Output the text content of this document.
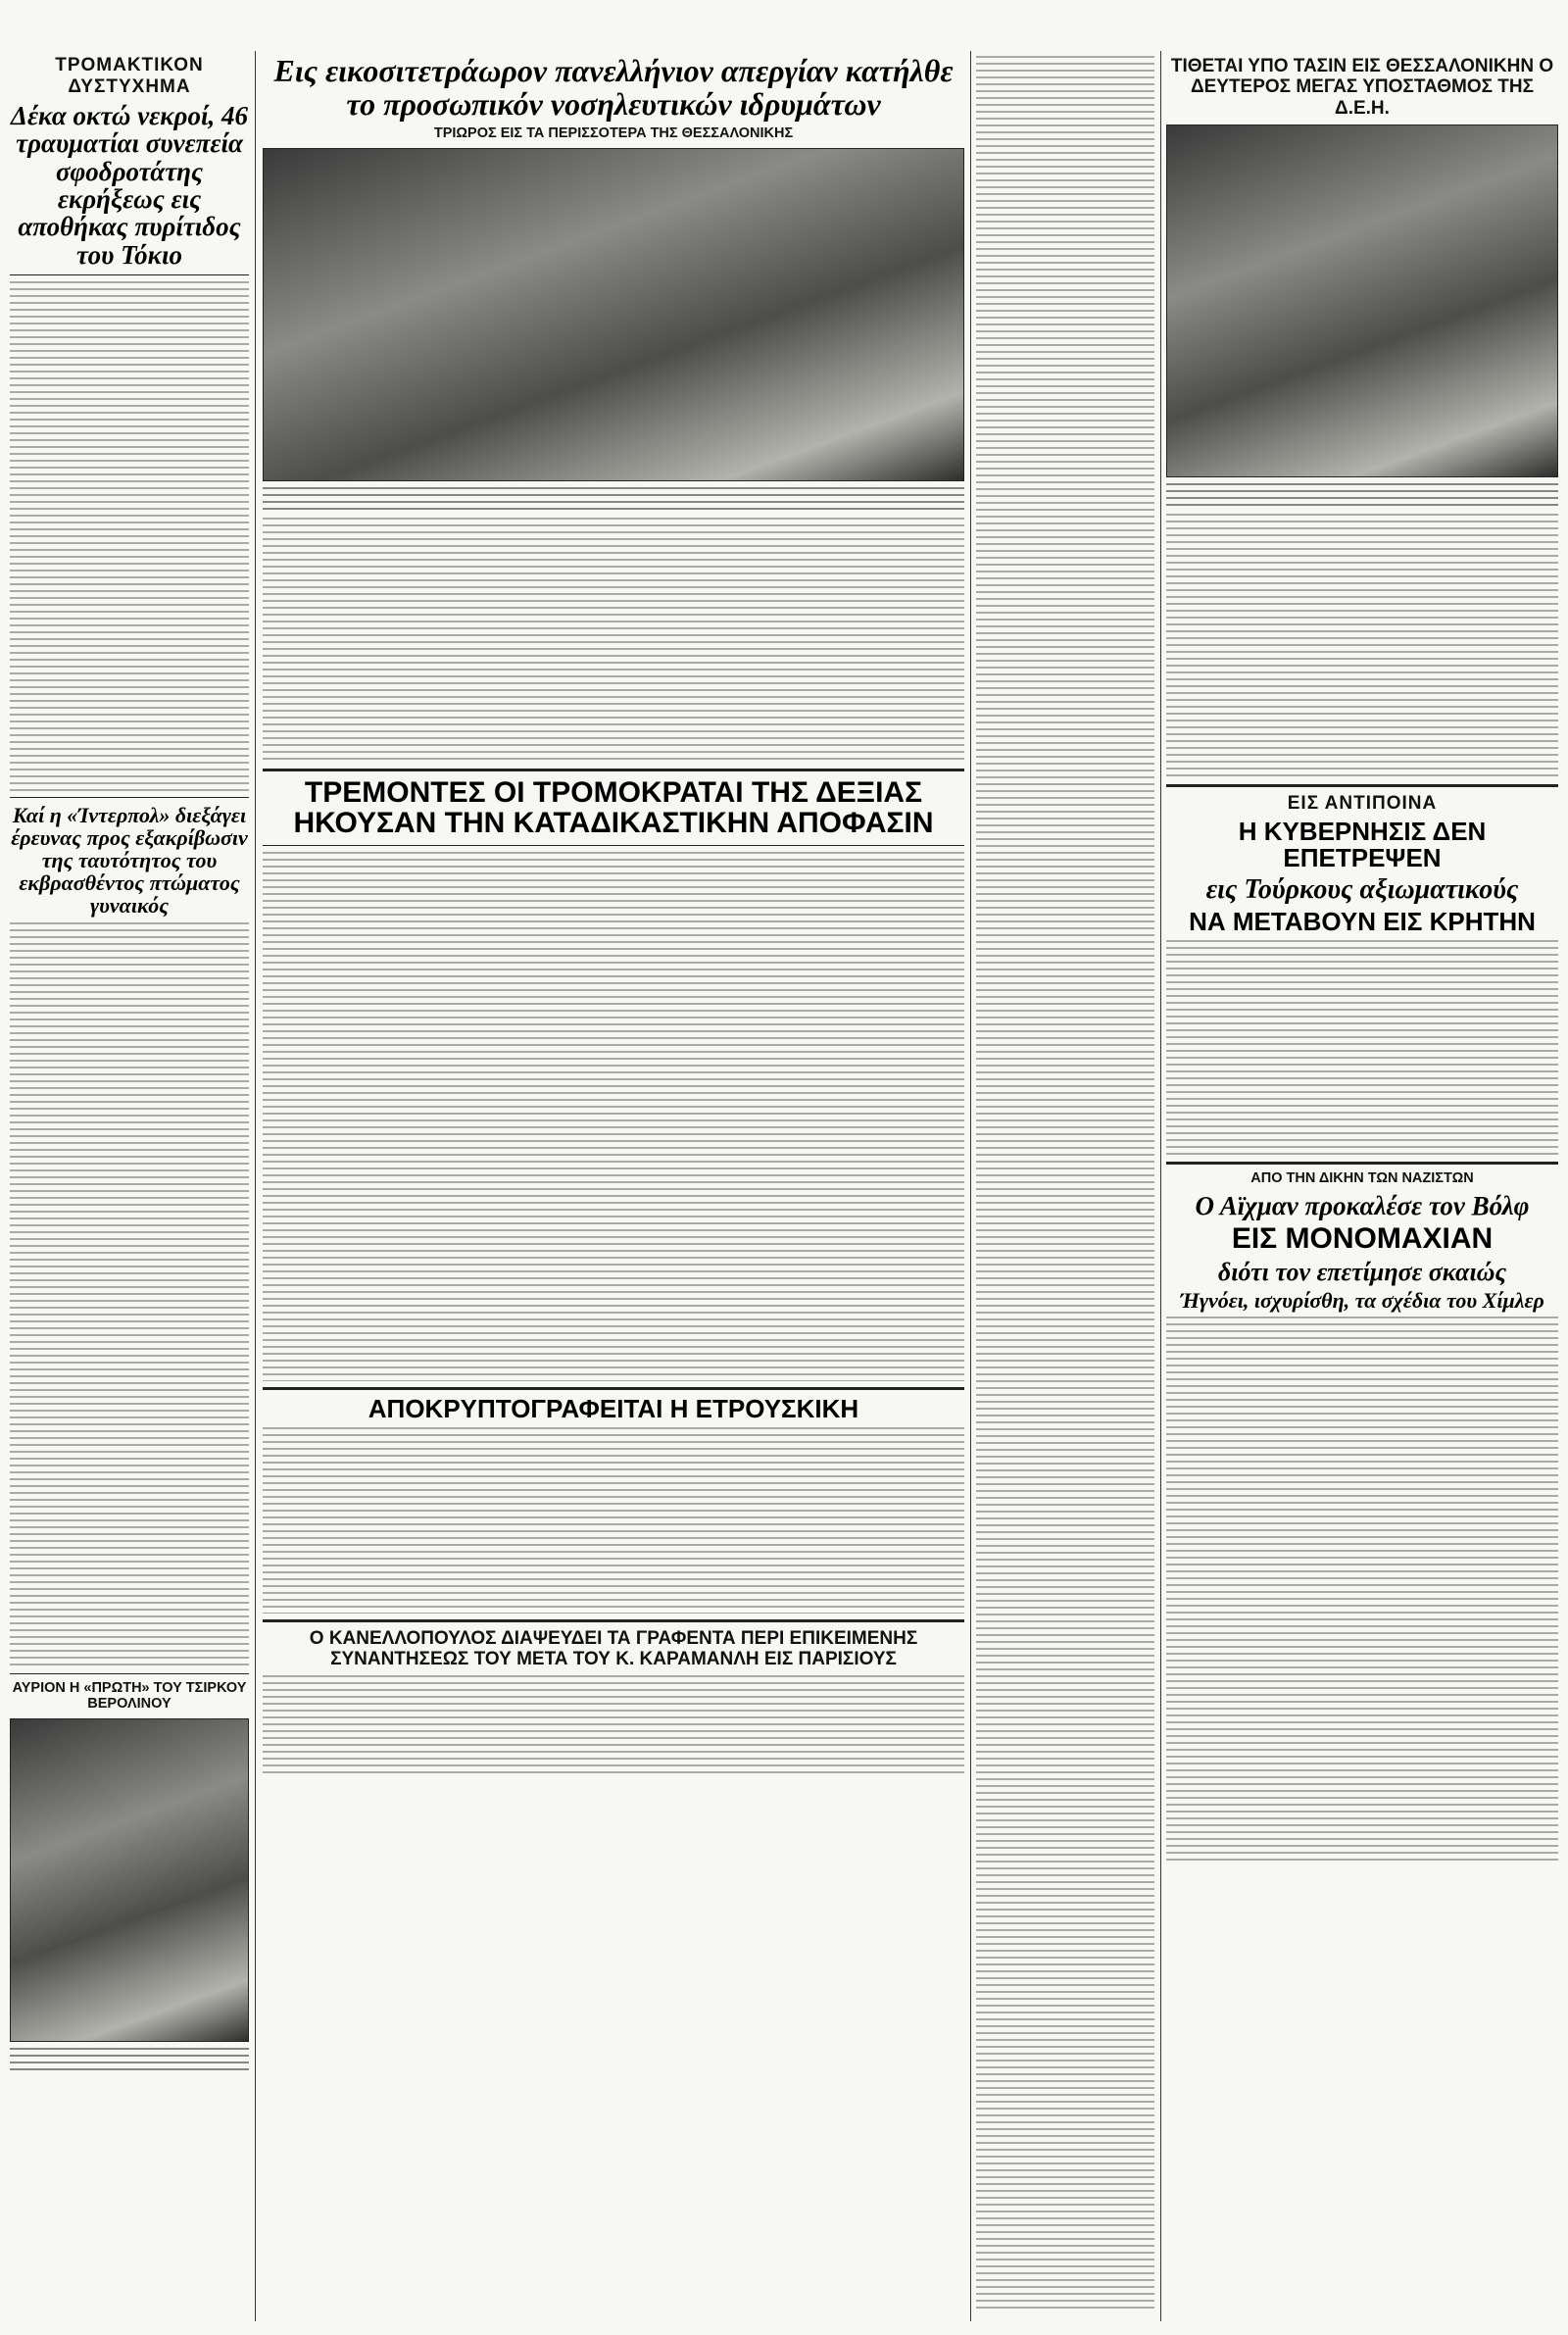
ΤΡΟΜΑΚΤΙΚΟΝ ΔΥΣΤΥΧΗΜΑ
Δέκα οκτώ νεκροί, 46 τραυματίαι συνεπεία σφοδροτάτης εκρήξεως εις αποθήκας πυρίτιδος του Τόκιο
Καί η «Ίντερπολ» διεξάγει έρευνας προς εξακρίβωσιν της ταυτότητος του εκβρασθέντος πτώματος γυναικός
ΑΥΡΙΟΝ Η «ΠΡΩΤΗ» ΤΟΥ ΤΣΙΡΚΟΥ ΒΕΡΟΛΙΝΟΥ
Εις εικοσιτετράωρον πανελλήνιον απεργίαν κατήλθε το προσωπικόν νοσηλευτικών ιδρυμάτων
ΤΡΙΩΡΟΣ ΕΙΣ ΤΑ ΠΕΡΙΣΣΟΤΕΡΑ ΤΗΣ ΘΕΣΣΑΛΟΝΙΚΗΣ
ΤΡΕΜΟΝΤΕΣ ΟΙ ΤΡΟΜΟΚΡΑΤΑΙ ΤΗΣ ΔΕΞΙΑΣ ΗΚΟΥΣΑΝ ΤΗΝ ΚΑΤΑΔΙΚΑΣΤΙΚΗΝ ΑΠΟΦΑΣΙΝ
ΑΠΟΚΡΥΠΤΟΓΡΑΦΕΙΤΑΙ Η ΕΤΡΟΥΣΚΙΚΗ
Ο ΚΑΝΕΛΛΟΠΟΥΛΟΣ ΔΙΑΨΕΥΔΕΙ ΤΑ ΓΡΑΦΕΝΤΑ ΠΕΡΙ ΕΠΙΚΕΙΜΕΝΗΣ ΣΥΝΑΝΤΗΣΕΩΣ ΤΟΥ ΜΕΤΑ ΤΟΥ Κ. ΚΑΡΑΜΑΝΛΗ ΕΙΣ ΠΑΡΙΣΙΟΥΣ
ΤΙΘΕΤΑΙ ΥΠΟ ΤΑΣΙΝ ΕΙΣ ΘΕΣΣΑΛΟΝΙΚΗΝ Ο ΔΕΥΤΕΡΟΣ ΜΕΓΑΣ ΥΠΟΣΤΑΘΜΟΣ ΤΗΣ Δ.Ε.Η.
ΕΙΣ ΑΝΤΙΠΟΙΝΑ
Η ΚΥΒΕΡΝΗΣΙΣ ΔΕΝ ΕΠΕΤΡΕΨΕΝ
εις Τούρκους αξιωματικούς
ΝΑ ΜΕΤΑΒΟΥΝ ΕΙΣ ΚΡΗΤΗΝ
ΑΠΟ ΤΗΝ ΔΙΚΗΝ ΤΩΝ ΝΑΖΙΣΤΩΝ
Ο Αϊχμαν προκαλέσε τον Βόλφ
ΕΙΣ ΜΟΝΟΜΑΧΙΑΝ
διότι τον επετίμησε σκαιώς
Ήγνόει, ισχυρίσθη, τα σχέδια του Χίμλερ
